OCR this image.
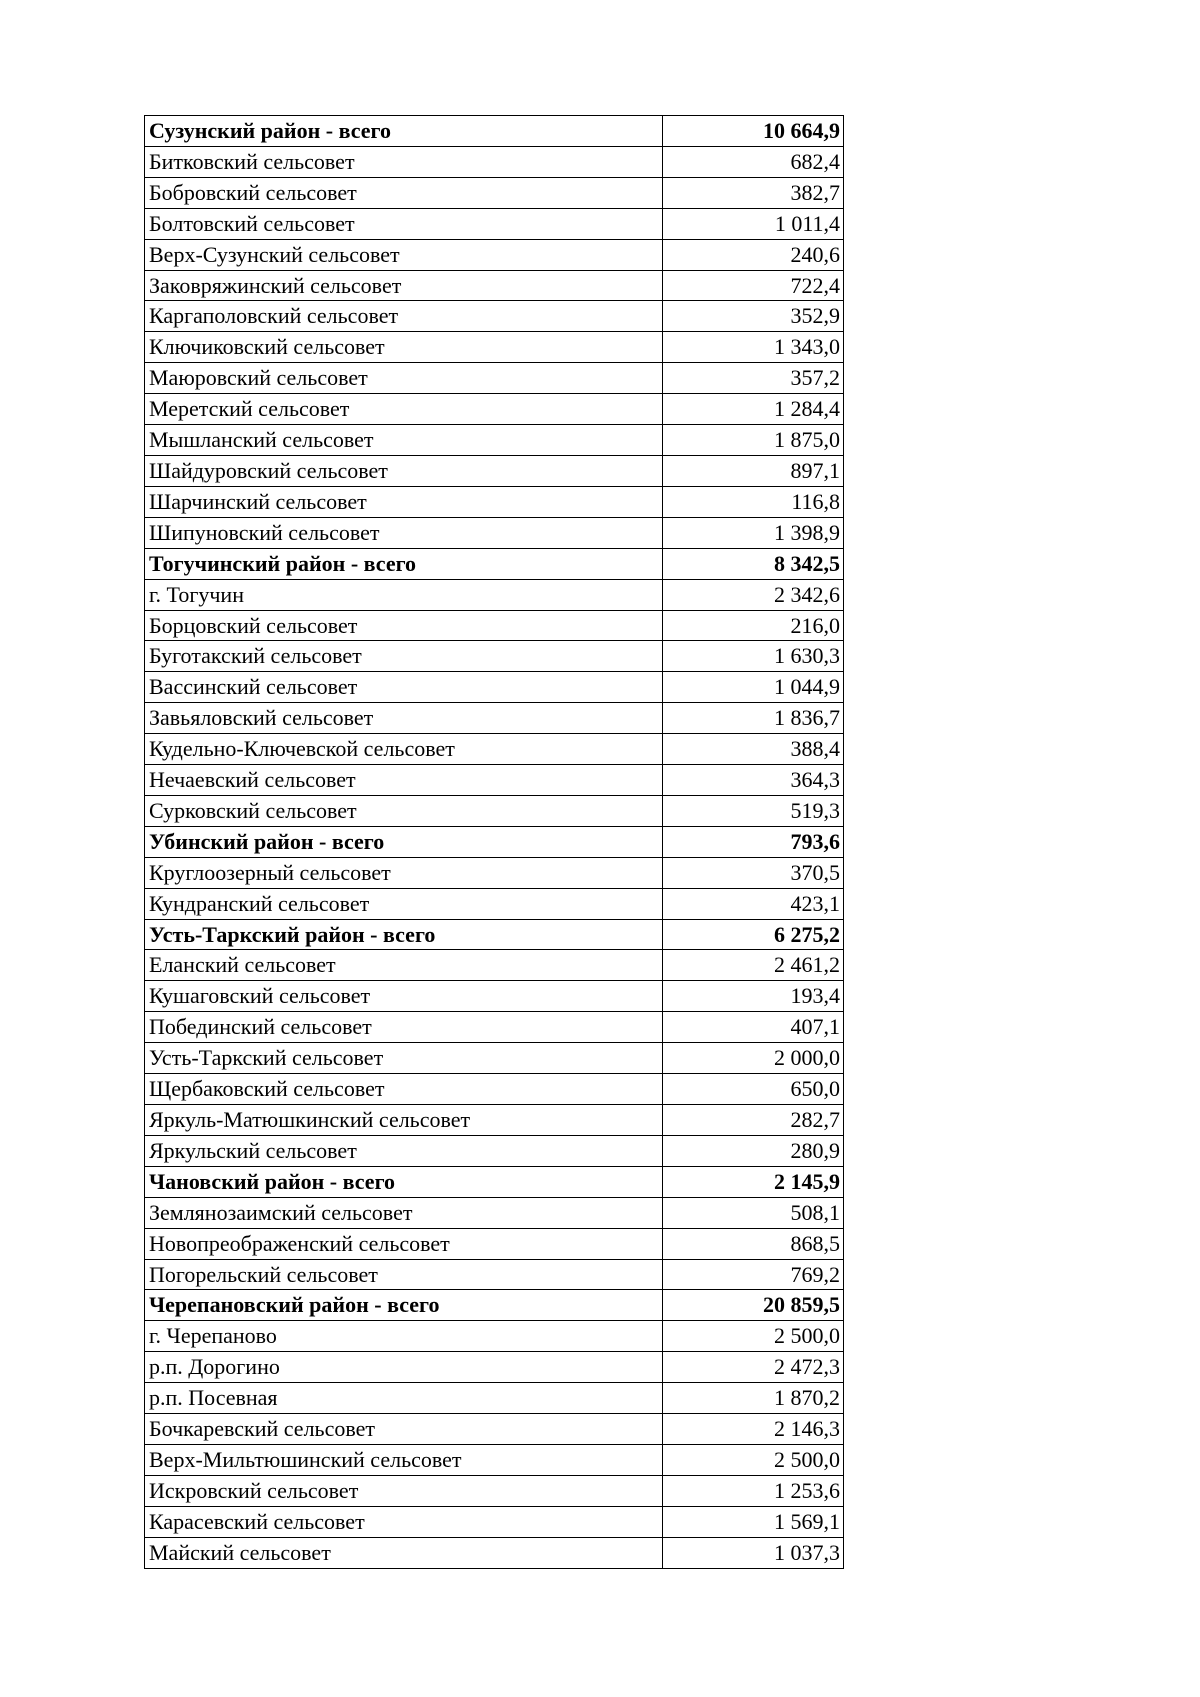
Сузунский район - всего	10 664,9
Битковский сельсовет	682,4
Бобровский сельсовет	382,7
Болтовский сельсовет	1 011,4
Верх-Сузунский сельсовет	240,6
Заковряжинский сельсовет	722,4
Каргаполовский сельсовет	352,9
Ключиковский сельсовет	1 343,0
Маюровский сельсовет	357,2
Меретский сельсовет	1 284,4
Мышланский сельсовет	1 875,0
Шайдуровский сельсовет	897,1
Шарчинский сельсовет	116,8
Шипуновский сельсовет	1 398,9
Тогучинский район - всего	8 342,5
г. Тогучин	2 342,6
Борцовский сельсовет	216,0
Буготакский сельсовет	1 630,3
Вассинский сельсовет	1 044,9
Завьяловский сельсовет	1 836,7
Кудельно-Ключевской сельсовет	388,4
Нечаевский сельсовет	364,3
Сурковский сельсовет	519,3
Убинский район - всего	793,6
Круглоозерный сельсовет	370,5
Кундранский сельсовет	423,1
Усть-Таркский район - всего	6 275,2
Еланский сельсовет	2 461,2
Кушаговский сельсовет	193,4
Побединский сельсовет	407,1
Усть-Таркский сельсовет	2 000,0
Щербаковский сельсовет	650,0
Яркуль-Матюшкинский сельсовет	282,7
Яркульский сельсовет	280,9
Чановский район - всего	2 145,9
Землянозаимский сельсовет	508,1
Новопреображенский сельсовет	868,5
Погорельский сельсовет	769,2
Черепановский район - всего	20 859,5
г. Черепаново	2 500,0
р.п. Дорогино	2 472,3
р.п. Посевная	1 870,2
Бочкаревский сельсовет	2 146,3
Верх-Мильтюшинский сельсовет	2 500,0
Искровский сельсовет	1 253,6
Карасевский сельсовет	1 569,1
Майский сельсовет	1 037,3
